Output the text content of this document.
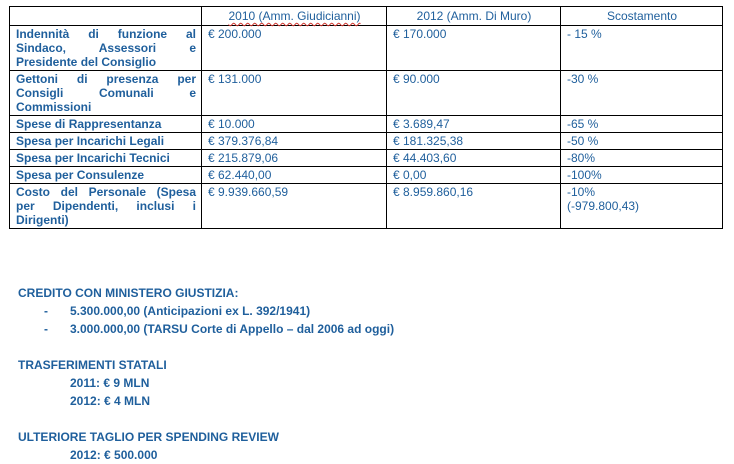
	2010 (Amm. Giudicianni)	2012 (Amm. Di Muro)	Scostamento
Indennità di funzione al Sindaco, Assessori e Presidente del Consiglio	€ 200.000	€ 170.000	- 15 %
Gettoni di presenza per Consigli Comunali e Commissioni	€ 131.000	€ 90.000	-30 %
Spese di Rappresentanza	€ 10.000	€ 3.689,47	-65 %
Spesa per Incarichi Legali	€ 379.376,84	€ 181.325,38	-50 %
Spesa per Incarichi Tecnici	€ 215.879,06	€ 44.403,60	-80%
Spesa per Consulenze	€ 62.440,00	€ 0,00	-100%
Costo del Personale (Spesa per Dipendenti, inclusi i Dirigenti)	€ 9.939.660,59	€ 8.959.860,16	-10%
(-979.800,43)
CREDITO CON MINISTERO GIUSTIZIA:
- 5.300.000,00 (Anticipazioni ex L. 392/1941)
- 3.000.000,00 (TARSU Corte di Appello – dal 2006 ad oggi)
TRASFERIMENTI STATALI
2011: € 9 MLN
2012: € 4 MLN
ULTERIORE TAGLIO PER SPENDING REVIEW
2012: € 500.000
